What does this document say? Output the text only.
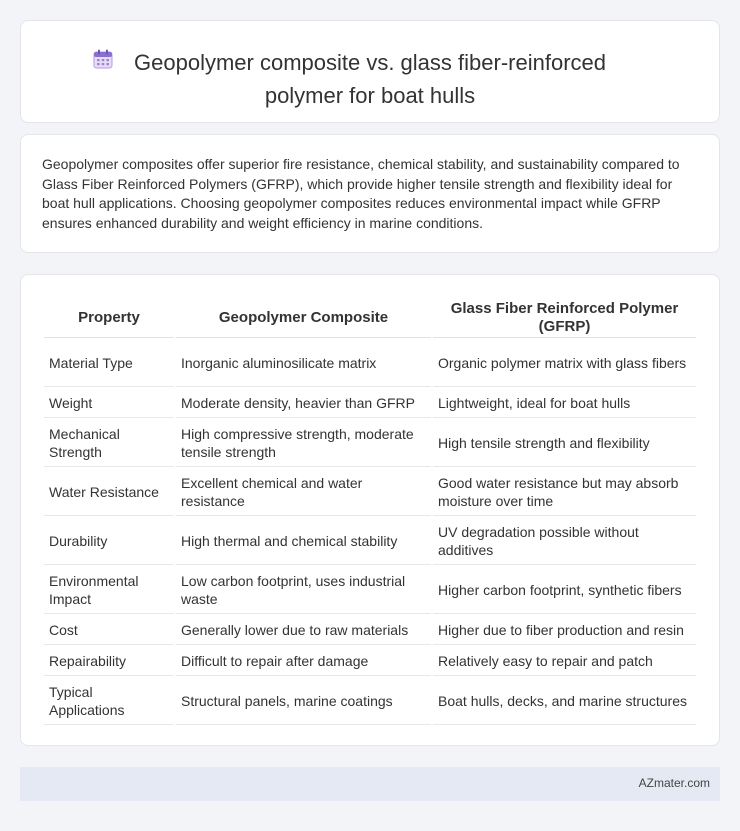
Geopolymer composite vs. glass fiber-reinforced
polymer for boat hulls

Geopolymer composites offer superior fire resistance, chemical stability, and sustainability compared to Glass Fiber Reinforced Polymers (GFRP), which provide higher tensile strength and flexibility ideal for boat hull applications. Choosing geopolymer composites reduces environmental impact while GFRP ensures enhanced durability and weight efficiency in marine conditions.

Property	Geopolymer Composite	Glass Fiber Reinforced Polymer (GFRP)
Material Type	Inorganic aluminosilicate matrix	Organic polymer matrix with glass fibers
Weight	Moderate density, heavier than GFRP	Lightweight, ideal for boat hulls
Mechanical Strength	High compressive strength, moderate tensile strength	High tensile strength and flexibility
Water Resistance	Excellent chemical and water resistance	Good water resistance but may absorb moisture over time
Durability	High thermal and chemical stability	UV degradation possible without additives
Environmental Impact	Low carbon footprint, uses industrial waste	Higher carbon footprint, synthetic fibers
Cost	Generally lower due to raw materials	Higher due to fiber production and resin
Repairability	Difficult to repair after damage	Relatively easy to repair and patch
Typical Applications	Structural panels, marine coatings	Boat hulls, decks, and marine structures
AZmater.com
